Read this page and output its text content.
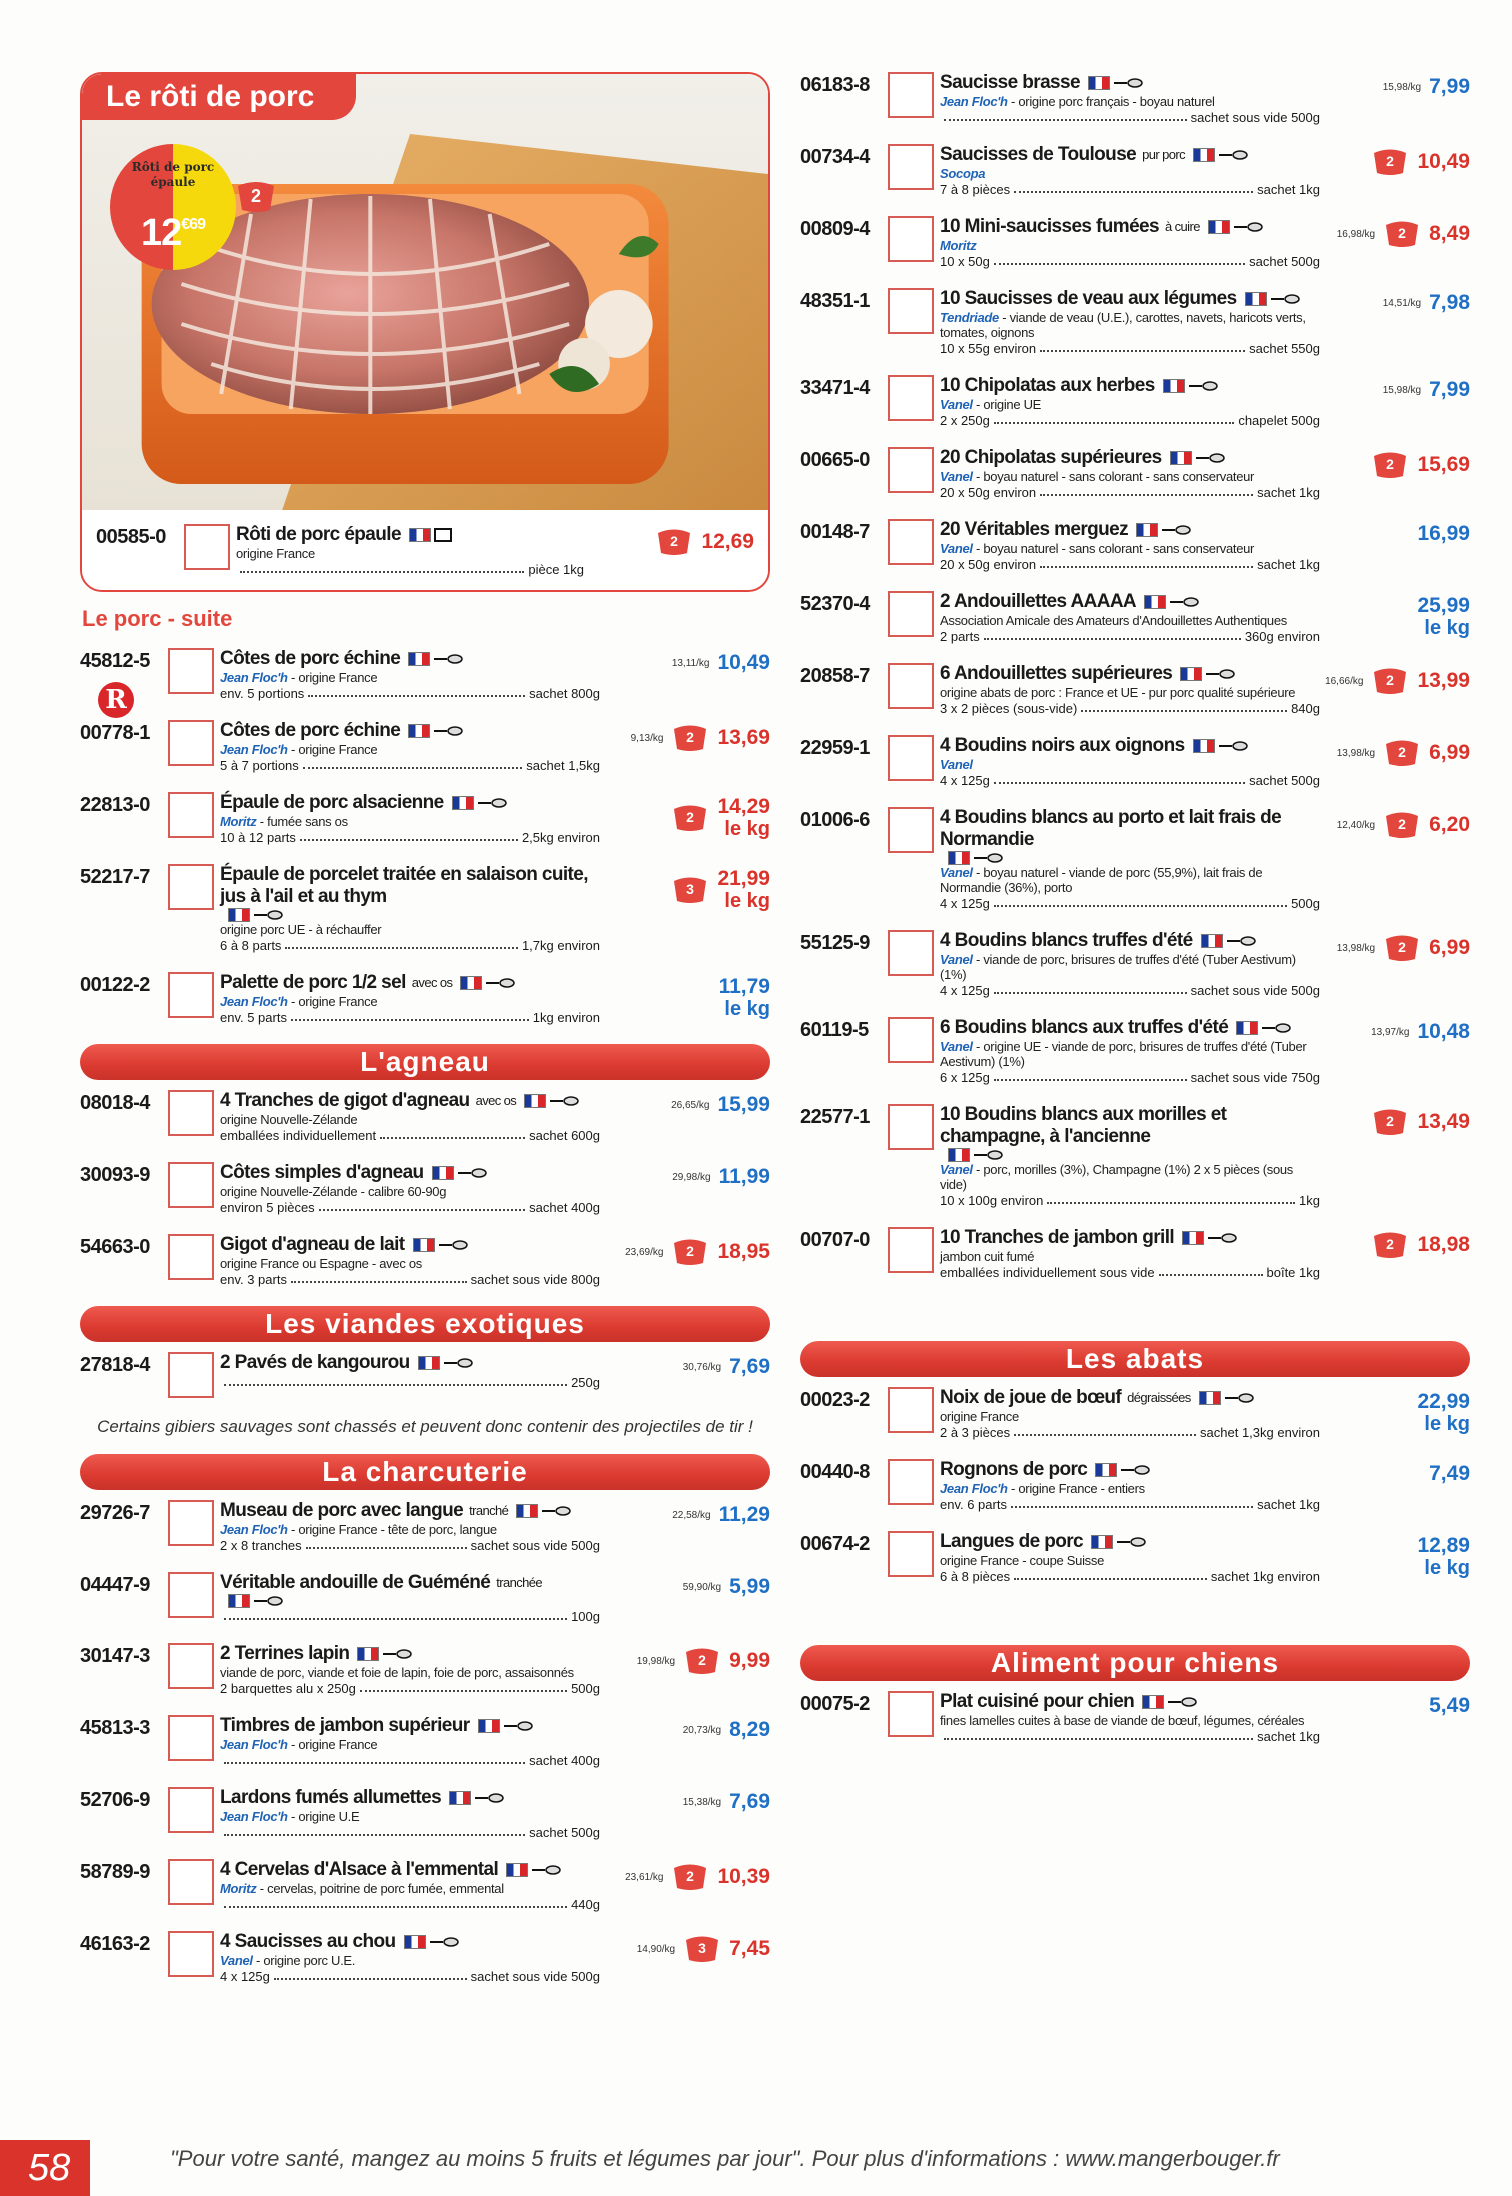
Le rôti de porc
Rôti de porc épaule
$12^{€69}$
2
00585-0	Rôti de porc épaule
origine France
pièce 1kg
2 12,69
Le porc - suite
45812-5	Côtes de porc échine
Jean Floc'h - origine France
env. 5 portions	sachet 800g
13,11/kg 10,49
R
00778-1	Côtes de porc échine
Jean Floc'h - origine France
5 à 7 portions	sachet 1,5kg
9,13/kg 2 13,69
22813-0	Épaule de porc alsacienne
Moritz - fumée sans os
10 à 12 parts	2,5kg environ
2 14,29
le kg
52217-7	Épaule de porcelet traitée en salaison cuite, jus à l'ail et au thym
origine porc UE - à réchauffer
6 à 8 parts	1,7kg environ
3 21,99
le kg
00122-2	Palette de porc 1/2 sel avec os
Jean Floc'h - origine France
env. 5 parts	1kg environ
11,79
le kg
L'agneau
08018-4	4 Tranches de gigot d'agneau avec os
origine Nouvelle-Zélande
emballées individuellement	sachet 600g
26,65/kg 15,99
30093-9	Côtes simples d'agneau
origine Nouvelle-Zélande - calibre 60-90g
environ 5 pièces	sachet 400g
29,98/kg 11,99
54663-0	Gigot d'agneau de lait
origine France ou Espagne - avec os
env. 3 parts	sachet sous vide 800g
23,69/kg 2 18,95
Les viandes exotiques
27818-4	2 Pavés de kangourou
250g
30,76/kg 7,69
Certains gibiers sauvages sont chassés et peuvent donc contenir des projectiles de tir !
La charcuterie
29726-7	Museau de porc avec langue tranché
Jean Floc'h - origine France - tête de porc, langue
2 x 8 tranches	sachet sous vide 500g
22,58/kg 11,29
04447-9	Véritable andouille de Guéméné tranchée
100g
59,90/kg 5,99
30147-3	2 Terrines lapin
viande de porc, viande et foie de lapin, foie de porc, assaisonnés
2 barquettes alu x 250g	500g
19,98/kg 2 9,99
45813-3	Timbres de jambon supérieur
Jean Floc'h - origine France
sachet 400g
20,73/kg 8,29
52706-9	Lardons fumés allumettes
Jean Floc'h - origine U.E
sachet 500g
15,38/kg 7,69
58789-9	4 Cervelas d'Alsace à l'emmental
Moritz - cervelas, poitrine de porc fumée, emmental
440g
23,61/kg 2 10,39
46163-2	4 Saucisses au chou
Vanel - origine porc U.E.
4 x 125g	sachet sous vide 500g
14,90/kg 3 7,45
06183-8	Saucisse brasse
Jean Floc'h - origine porc français - boyau naturel
sachet sous vide 500g
15,98/kg 7,99
00734-4	Saucisses de Toulouse pur porc
Socopa
7 à 8 pièces	sachet 1kg
2 10,49
00809-4	10 Mini-saucisses fumées à cuire
Moritz
10 x 50g	sachet 500g
16,98/kg 2 8,49
48351-1	10 Saucisses de veau aux légumes
Tendriade - viande de veau (U.E.), carottes, navets, haricots verts, tomates, oignons
10 x 55g environ	sachet 550g
14,51/kg 7,98
33471-4	10 Chipolatas aux herbes
Vanel - origine UE
2 x 250g	chapelet 500g
15,98/kg 7,99
00665-0	20 Chipolatas supérieures
Vanel - boyau naturel - sans colorant - sans conservateur
20 x 50g environ	sachet 1kg
2 15,69
00148-7	20 Véritables merguez
Vanel - boyau naturel - sans colorant - sans conservateur
20 x 50g environ	sachet 1kg
16,99
52370-4	2 Andouillettes AAAAA
Association Amicale des Amateurs d'Andouillettes Authentiques
2 parts	360g environ
25,99
le kg
20858-7	6 Andouillettes supérieures
origine abats de porc : France et UE - pur porc qualité supérieure
3 x 2 pièces (sous-vide)	840g
16,66/kg 2 13,99
22959-1	4 Boudins noirs aux oignons
Vanel
4 x 125g	sachet 500g
13,98/kg 2 6,99
01006-6	4 Boudins blancs au porto et lait frais de Normandie
Vanel - boyau naturel - viande de porc (55,9%), lait frais de Normandie (36%), porto
4 x 125g	500g
12,40/kg 2 6,20
55125-9	4 Boudins blancs truffes d'été
Vanel - viande de porc, brisures de truffes d'été (Tuber Aestivum) (1%)
4 x 125g	sachet sous vide 500g
13,98/kg 2 6,99
60119-5	6 Boudins blancs aux truffes d'été
Vanel - origine UE - viande de porc, brisures de truffes d'été (Tuber Aestivum) (1%)
6 x 125g	sachet sous vide 750g
13,97/kg 10,48
22577-1	10 Boudins blancs aux morilles et champagne, à l'ancienne
Vanel - porc, morilles (3%), Champagne (1%) 2 x 5 pièces (sous vide)
10 x 100g environ	1kg
2 13,49
00707-0	10 Tranches de jambon grill
jambon cuit fumé
emballées individuellement sous vide	boîte 1kg
2 18,98
Les abats
00023-2	Noix de joue de bœuf dégraissées
origine France
2 à 3 pièces	sachet 1,3kg environ
22,99
le kg
00440-8	Rognons de porc
Jean Floc'h - origine France - entiers
env. 6 parts	sachet 1kg
7,49
00674-2	Langues de porc
origine France - coupe Suisse
6 à 8 pièces	sachet 1kg environ
12,89
le kg
Aliment pour chiens
00075-2	Plat cuisiné pour chien
fines lamelles cuites à base de viande de bœuf, légumes, céréales
sachet 1kg
5,49
58	"Pour votre santé, mangez au moins 5 fruits et légumes par jour". Pour plus d'informations : www.mangerbouger.fr
